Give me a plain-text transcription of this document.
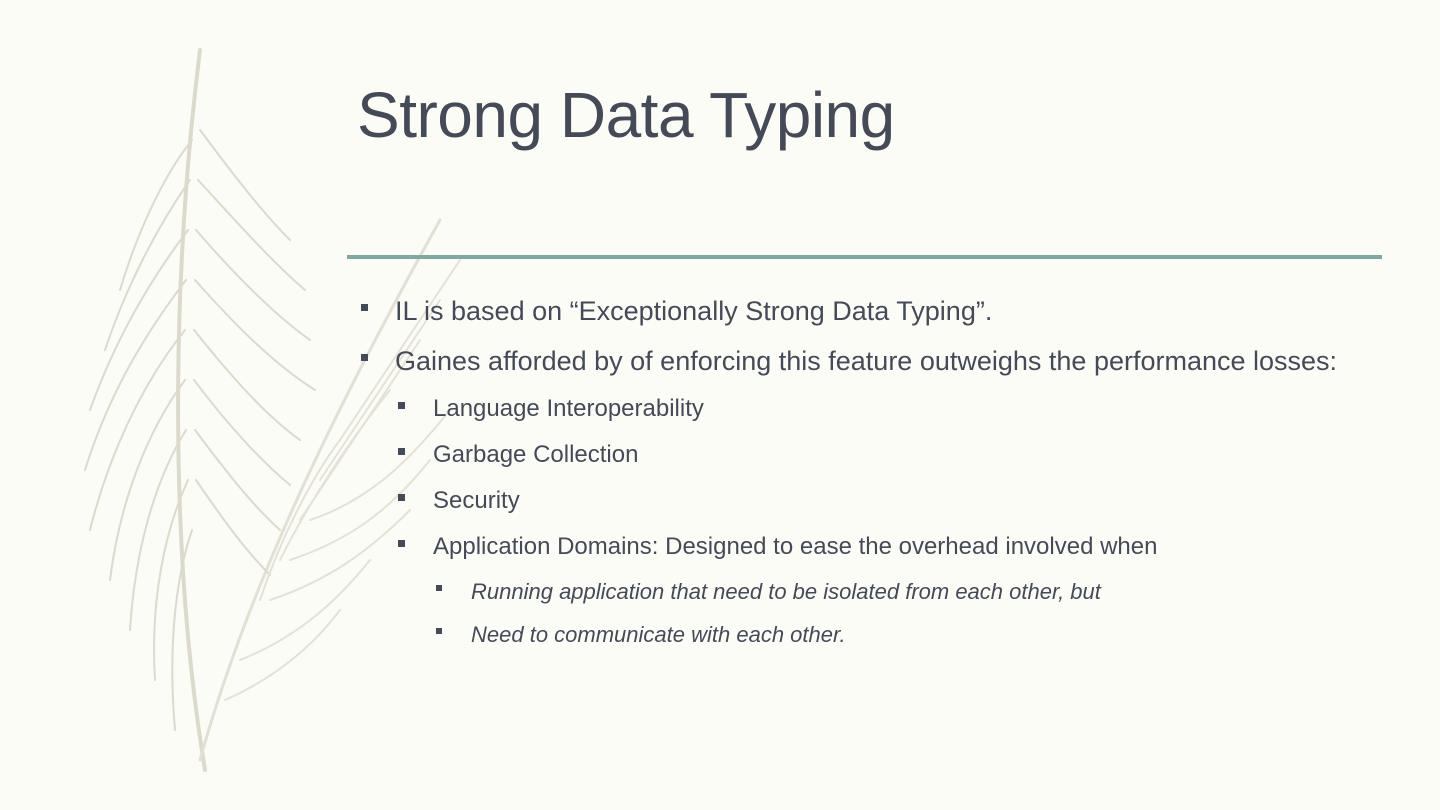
Strong Data Typing
IL is based on “Exceptionally Strong Data Typing”.
Gaines afforded by of enforcing this feature outweighs the performance losses:
Language Interoperability
Garbage Collection
Security
Application Domains: Designed to ease the overhead involved when
Running application that need to be isolated from each other, but
Need to communicate with each other.
